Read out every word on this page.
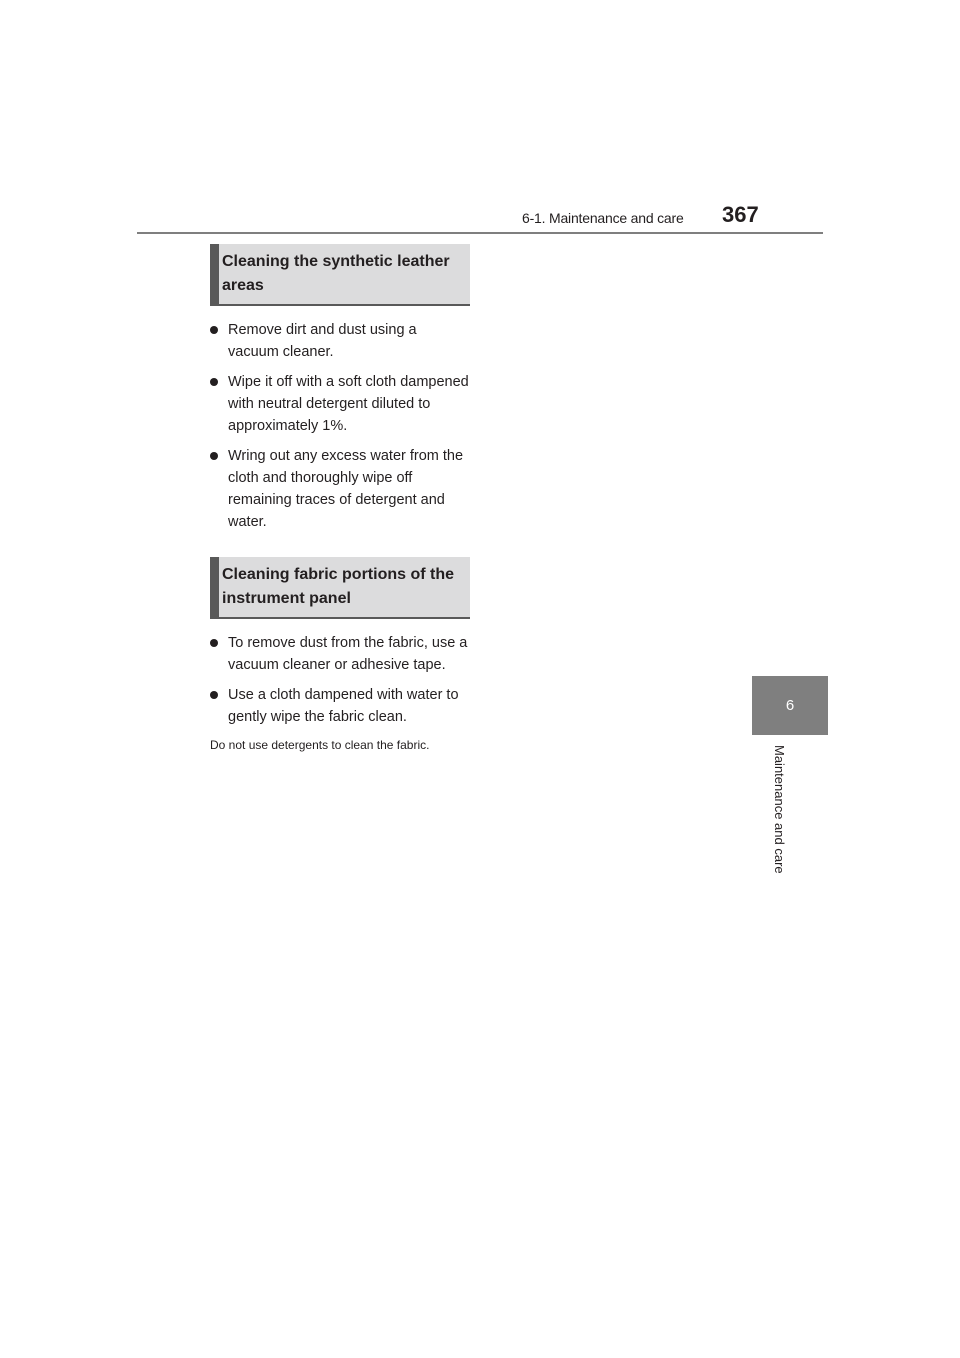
6-1. Maintenance and care 367
6
Maintenance and care
Cleaning the synthetic leather areas
Remove dirt and dust using a vacuum cleaner.
Wipe it off with a soft cloth dampened with neutral detergent diluted to approximately 1%.
Wring out any excess water from the cloth and thoroughly wipe off remaining traces of detergent and water.
Cleaning fabric portions of the instrument panel
To remove dust from the fabric, use a vacuum cleaner or adhesive tape.
Use a cloth dampened with water to gently wipe the fabric clean.

Do not use detergents to clean the fabric.
